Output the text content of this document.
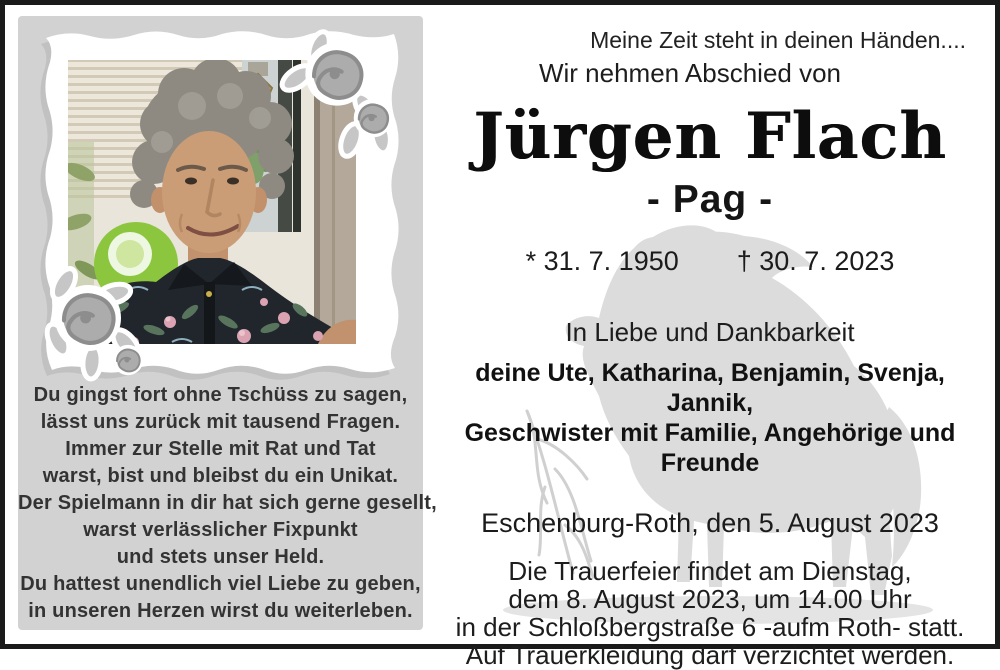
Du gingst fort ohne Tschüss zu sagen,
lässt uns zurück mit tausend Fragen.
Immer zur Stelle mit Rat und Tat
warst, bist und bleibst du ein Unikat.
Der Spielmann in dir hat sich gerne gesellt,
warst verlässlicher Fixpunkt
und stets unser Held.
Du hattest unendlich viel Liebe zu geben,
in unseren Herzen wirst du weiterleben.
Meine Zeit steht in deinen Händen....
Wir nehmen Abschied von
Jürgen Flach
- Pag -
* 31. 7. 1950 † 30. 7. 2023
In Liebe und Dankbarkeit
deine Ute, Katharina, Benjamin, Svenja, Jannik,
Geschwister mit Familie, Angehörige und Freunde
Eschenburg-Roth, den 5. August 2023
Die Trauerfeier findet am Dienstag,
dem 8. August 2023, um 14.00 Uhr
in der Schloßbergstraße 6 -aufm Roth- statt.
Auf Trauerkleidung darf verzichtet werden.
